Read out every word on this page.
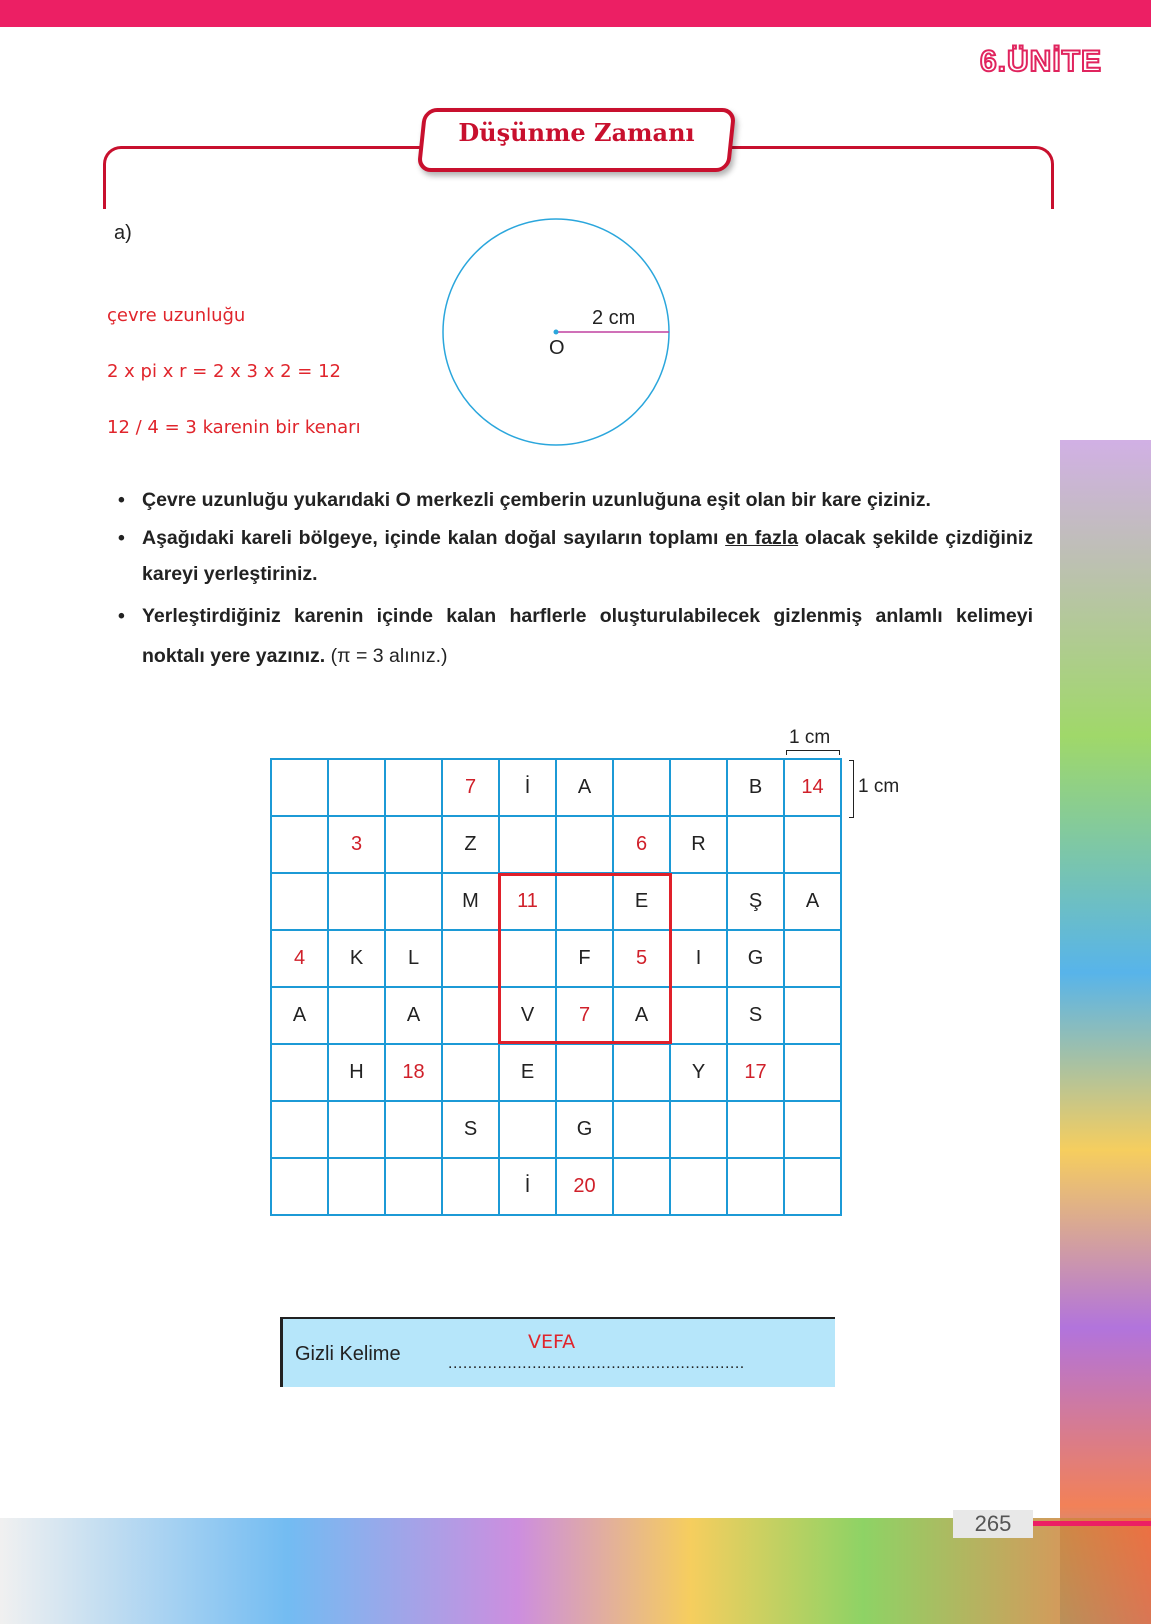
6.ÜNİTE
Düşünme Zamanı
a)
2 cm
O
çevre uzunluğu
2 x pi x r = 2 x 3 x 2 = 12
12 / 4 = 3 karenin bir kenarı
• Çevre uzunluğu yukarıdaki O merkezli çemberin uzunluğuna eşit olan bir kare çiziniz.
• Aşağıdaki kareli bölgeye, içinde kalan doğal sayıların toplamı en fazla olacak şekilde çizdiğiniz kareyi yerleştiriniz.
• Yerleştirdiğiniz karenin içinde kalan harflerle oluşturulabilecek gizlenmiş anlamlı kelimeyi noktalı yere yazınız. (π = 3 alınız.)
1 cm
1 cm
			7	İ	A			B	14
	3		Z			6	R		
			M	11		E		Ş	A
4	K	L			F	5	I	G	
A		A		V	7	A		S	
	H	18		E			Y	17	
			S		G				
				İ	20				
Gizli Kelime
VEFA
............................................................
265
